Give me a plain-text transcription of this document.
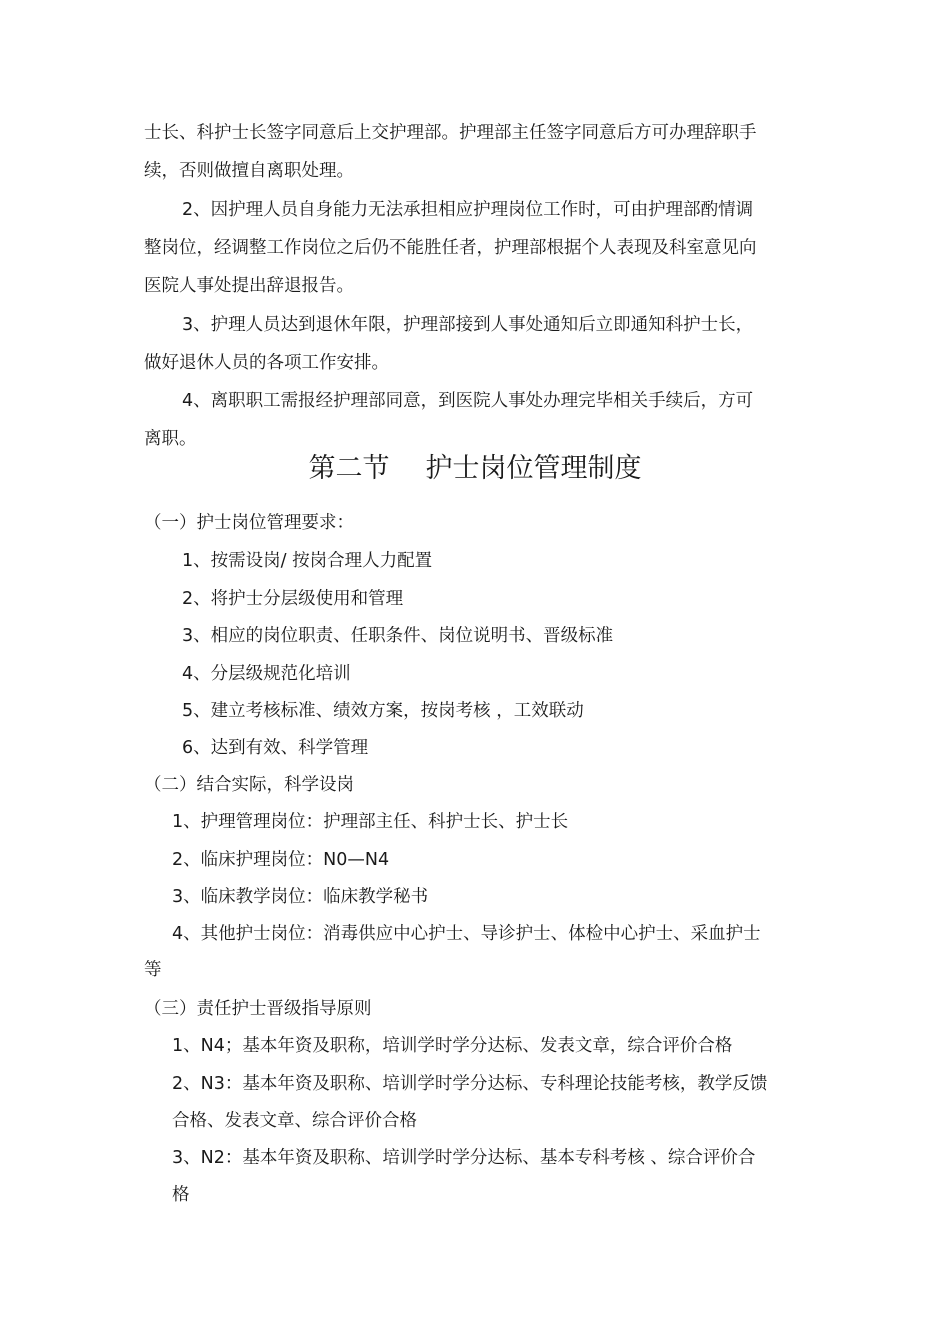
士长、科护士长签字同意后上交护理部。护理部主任签字同意后方可办理辞职手
续，否则做擅自离职处理。
2、因护理人员自身能力无法承担相应护理岗位工作时，可由护理部酌情调
整岗位，经调整工作岗位之后仍不能胜任者，护理部根据个人表现及科室意见向
医院人事处提出辞退报告。
3、护理人员达到退休年限，护理部接到人事处通知后立即通知科护士长，
做好退休人员的各项工作安排。
4、离职职工需报经护理部同意，到医院人事处办理完毕相关手续后，方可
离职。
第二节 护士岗位管理制度
（一）护士岗位管理要求：
1、按需设岗/ 按岗合理人力配置
2、将护士分层级使用和管理
3、相应的岗位职责、任职条件、岗位说明书、晋级标准
4、分层级规范化培训
5、建立考核标准、绩效方案，按岗考核 ，工效联动
6、达到有效、科学管理
（二）结合实际，科学设岗
1、护理管理岗位：护理部主任、科护士长、护士长
2、临床护理岗位：N0—N4
3、临床教学岗位：临床教学秘书
4、其他护士岗位：消毒供应中心护士、导诊护士、体检中心护士、采血护士
等
（三）责任护士晋级指导原则
1、N4；基本年资及职称，培训学时学分达标、发表文章，综合评价合格
2、N3：基本年资及职称、培训学时学分达标、专科理论技能考核，教学反馈
合格、发表文章、综合评价合格
3、N2：基本年资及职称、培训学时学分达标、基本专科考核 、综合评价合
格
